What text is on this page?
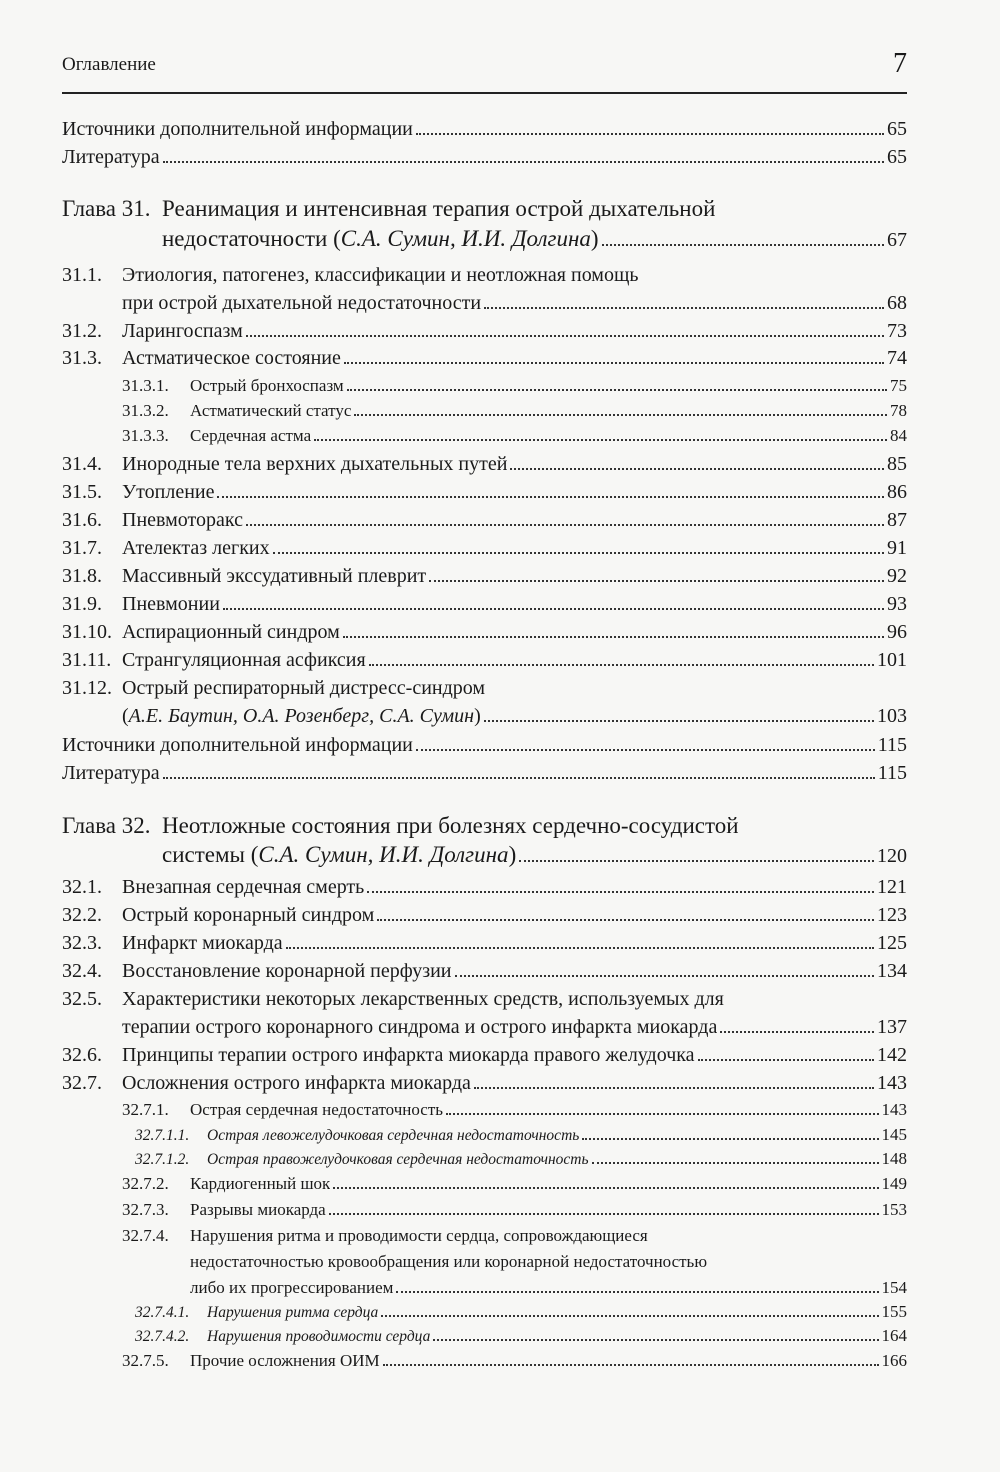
Оглавление	7
Источники дополнительной информации	65
Литература	65
Глава 31. Реанимация и интенсивная терапия острой дыхательной
недостаточности (С.А. Сумин, И.И. Долгина)	67
31.1. Этиология, патогенез, классификации и неотложная помощь
при острой дыхательной недостаточности	68
31.2.	Ларингоспазм	73
31.3.	Астматическое состояние	74
31.3.1.	Острый бронхоспазм	75
31.3.2.	Астматический статус	78
31.3.3.	Сердечная астма	84
31.4.	Инородные тела верхних дыхательных путей	85
31.5.	Утопление	86
31.6.	Пневмоторакс	87
31.7.	Ателектаз легких	91
31.8.	Массивный экссудативный плеврит	92
31.9.	Пневмонии	93
31.10. Аспирационный синдром	96
31.11. Странгуляционная асфиксия	101
31.12. Острый респираторный дистресс-синдром
(А.Е. Баутин, О.А. Розенберг, С.А. Сумин)	103
Источники дополнительной информации	115
Литература	115
Глава 32. Неотложные состояния при болезнях сердечно-сосудистой
системы (С.А. Сумин, И.И. Долгина)	120
32.1.	Внезапная сердечная смерть	121
32.2.	Острый коронарный синдром	123
32.3.	Инфаркт миокарда	125
32.4.	Восстановление коронарной перфузии	134
32.5. Характеристики некоторых лекарственных средств, используемых для
терапии острого коронарного синдрома и острого инфаркта миокарда	137
32.6.	Принципы терапии острого инфаркта миокарда правого желудочка	142
32.7.	Осложнения острого инфаркта миокарда	143
32.7.1.	Острая сердечная недостаточность	143
32.7.1.1.	Острая левожелудочковая сердечная недостаточность	145
32.7.1.2.	Острая правожелудочковая сердечная недостаточность	148
32.7.2.	Кардиогенный шок	149
32.7.3.	Разрывы миокарда	153
32.7.4. Нарушения ритма и проводимости сердца, сопровождающиеся
недостаточностью кровообращения или коронарной недостаточностью
либо их прогрессированием	154
32.7.4.1.	Нарушения ритма сердца	155
32.7.4.2.	Нарушения проводимости сердца	164
32.7.5.	Прочие осложнения ОИМ	166
